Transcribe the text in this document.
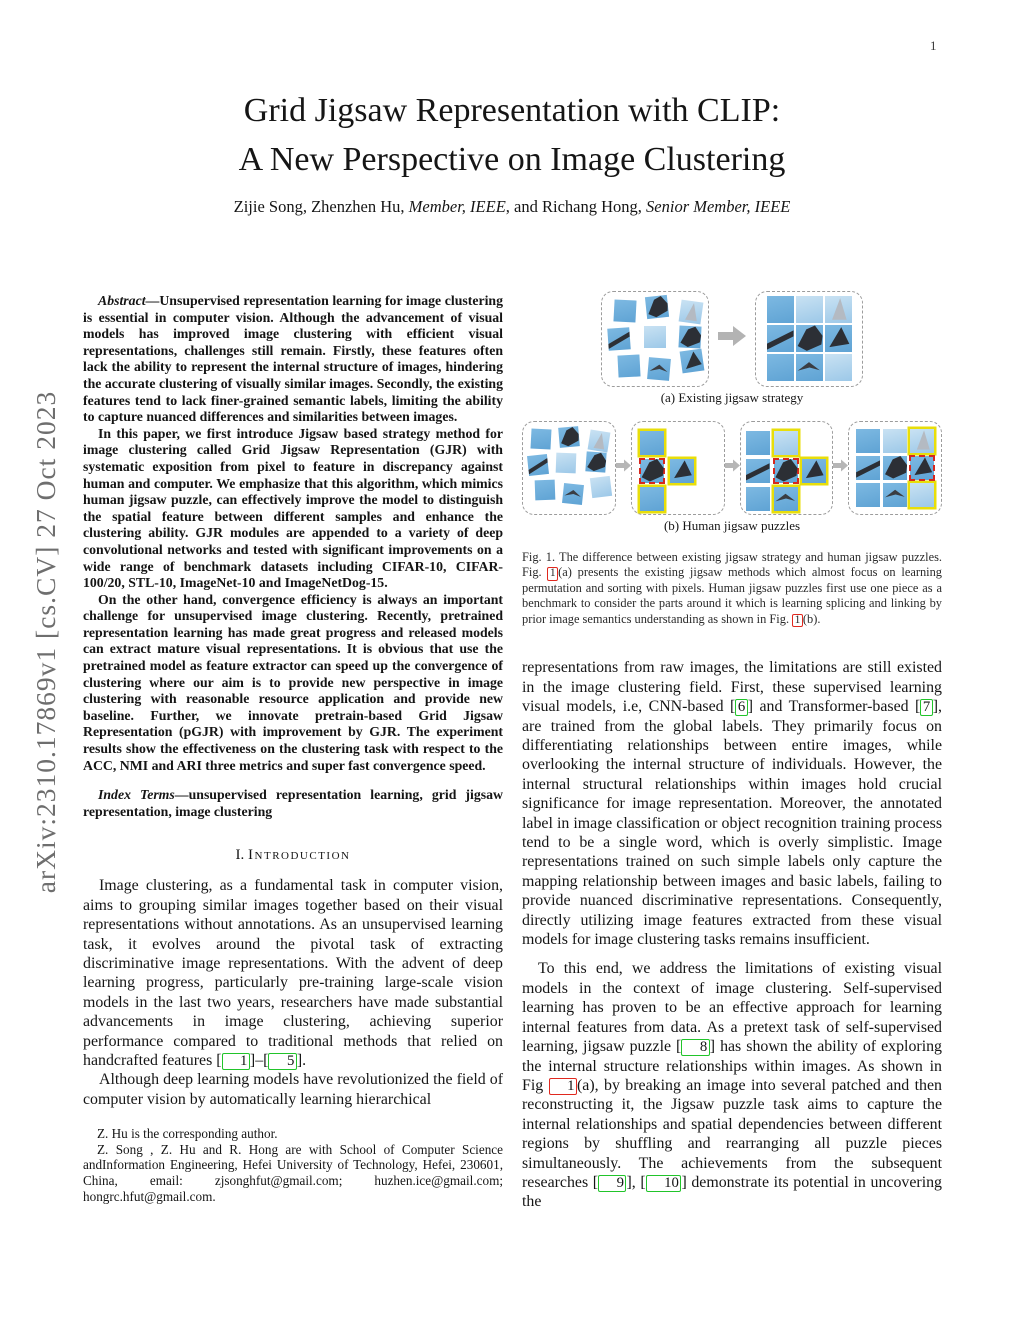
1
arXiv:2310.17869v1 [cs.CV] 27 Oct 2023
Grid Jigsaw Representation with CLIP:
A New Perspective on Image Clustering
Zijie Song, Zhenzhen Hu, Member, IEEE, and Richang Hong, Senior Member, IEEE

Abstract—Unsupervised representation learning for image clustering is essential in computer vision. Although the advancement of visual models has improved image clustering with efficient visual representations, challenges still remain. Firstly, these features often lack the ability to represent the internal structure of images, hindering the accurate clustering of visually similar images. Secondly, the existing features tend to lack finer-grained semantic labels, limiting the ability to capture nuanced differences and similarities between images.

In this paper, we first introduce Jigsaw based strategy method for image clustering called Grid Jigsaw Representation (GJR) with systematic exposition from pixel to feature in discrepancy against human and computer. We emphasize that this algorithm, which mimics human jigsaw puzzle, can effectively improve the model to distinguish the spatial feature between different samples and enhance the clustering ability. GJR modules are appended to a variety of deep convolutional networks and tested with significant improvements on a wide range of benchmark datasets including CIFAR-10, CIFAR-100/20, STL-10, ImageNet-10 and ImageNetDog-15.

On the other hand, convergence efficiency is always an important challenge for unsupervised image clustering. Recently, pretrained representation learning has made great progress and released models can extract mature visual representations. It is obvious that use the pretrained model as feature extractor can speed up the convergence of clustering where our aim is to provide new perspective in image clustering with reasonable resource application and provide new baseline. Further, we innovate pretrain-based Grid Jigsaw Representation (pGJR) with improvement by GJR. The experiment results show the effectiveness on the clustering task with respect to the ACC, NMI and ARI three metrics and super fast convergence speed.

Index Terms—unsupervised representation learning, grid jigsaw representation, image clustering

I. Introduction

Image clustering, as a fundamental task in computer vision, aims to grouping similar images together based on their visual representations without annotations. As an unsupervised learning task, it evolves around the pivotal task of extracting discriminative image representations. With the advent of deep learning progress, particularly pre-training large-scale vision models in the last two years, researchers have made substantial advancements in image clustering, achieving superior performance compared to traditional methods that relied on handcrafted features [ 1 ]–[ 5 ].

Although deep learning models have revolutionized the field of computer vision by automatically learning hierarchical

Z. Hu is the corresponding author.

Z. Song , Z. Hu and R. Hong are with School of Computer Science andInformation Engineering, Hefei University of Technology, Hefei, 230601, China, email: zjsonghfut@gmail.com; huzhen.ice@gmail.com; hongrc.hfut@gmail.com.

(a) Existing jigsaw strategy
(b) Human jigsaw puzzles
Fig. 1. The difference between existing jigsaw strategy and human jigsaw puzzles. Fig. 1 (a) presents the existing jigsaw methods which almost focus on learning permutation and sorting with pixels. Human jigsaw puzzles first use one piece as a benchmark to consider the parts around it which is learning splicing and linking by prior image semantics understanding as shown in Fig. 1 (b).

representations from raw images, the limitations are still existed in the image clustering field. First, these supervised learning visual models, i.e, CNN-based [ 6 ] and Transformer-based [ 7 ], are trained from the global labels. They primarily focus on differentiating relationships between entire images, while overlooking the internal structure of individuals. However, the internal structural relationships within images hold crucial significance for image representation. Moreover, the annotated label in image classification or object recognition training process tend to be a single word, which is overly simplistic. Image representations trained on such simple labels only capture the mapping relationship between images and basic labels, failing to provide nuanced discriminative representations. Consequently, directly utilizing image features extracted from these visual models for image clustering tasks remains insufficient.

To this end, we address the limitations of existing visual models in the context of image clustering. Self-supervised learning has proven to be an effective approach for learning internal features from data. As a pretext task of self-supervised learning, jigsaw puzzle [ 8 ] has shown the ability of exploring the internal structure relationships within images. As shown in Fig 1 (a), by breaking an image into several patched and then reconstructing it, the Jigsaw puzzle task aims to capture the internal relationships and spatial dependencies between different regions by shuffling and rearranging all puzzle pieces simultaneously. The achievements from the subsequent researches [ 9 ], [ 10 ] demonstrate its potential in uncovering the
